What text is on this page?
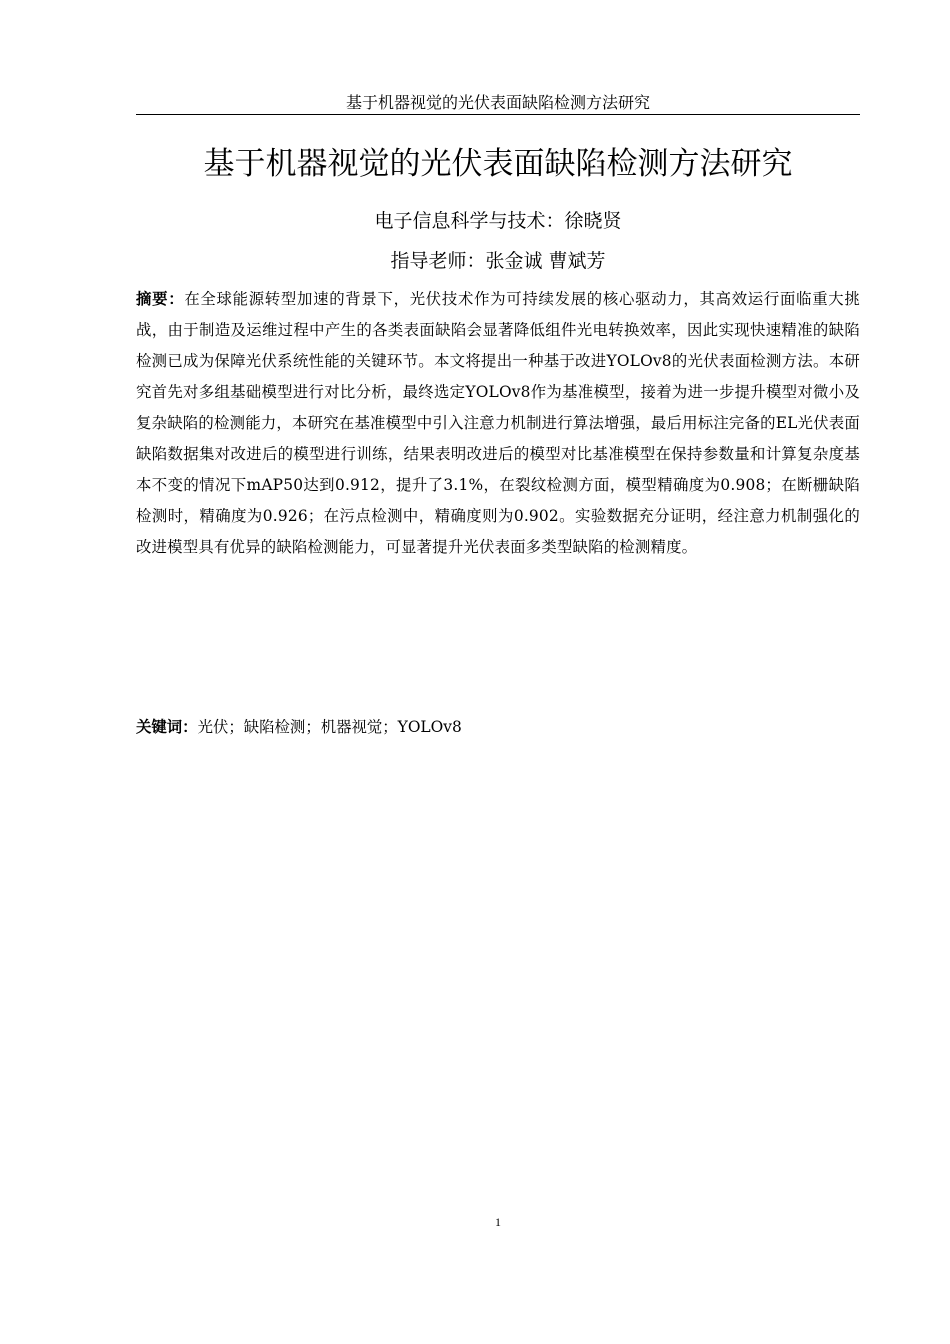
基于机器视觉的光伏表面缺陷检测方法研究
基于机器视觉的光伏表面缺陷检测方法研究
电子信息科学与技术：徐晓贤
指导老师：张金诚 曹斌芳

摘要：在全球能源转型加速的背景下，光伏技术作为可持续发展的核心驱动力，其高效运行面临重大挑战，由于制造及运维过程中产生的各类表面缺陷会显著降低组件光电转换效率，因此实现快速精准的缺陷检测已成为保障光伏系统性能的关键环节。本文将提出一种基于改进YOLOv8的光伏表面检测方法。本研究首先对多组基础模型进行对比分析，最终选定YOLOv8作为基准模型，接着为进一步提升模型对微小及复杂缺陷的检测能力，本研究在基准模型中引入注意力机制进行算法增强，最后用标注完备的EL光伏表面缺陷数据集对改进后的模型进行训练，结果表明改进后的模型对比基准模型在保持参数量和计算复杂度基本不变的情况下mAP50达到0.912，提升了3.1%，在裂纹检测方面，模型精确度为0.908；在断栅缺陷检测时，精确度为0.926；在污点检测中，精确度则为0.902。实验数据充分证明，经注意力机制强化的改进模型具有优异的缺陷检测能力，可显著提升光伏表面多类型缺陷的检测精度。

关键词：光伏；缺陷检测；机器视觉；YOLOv8

1
